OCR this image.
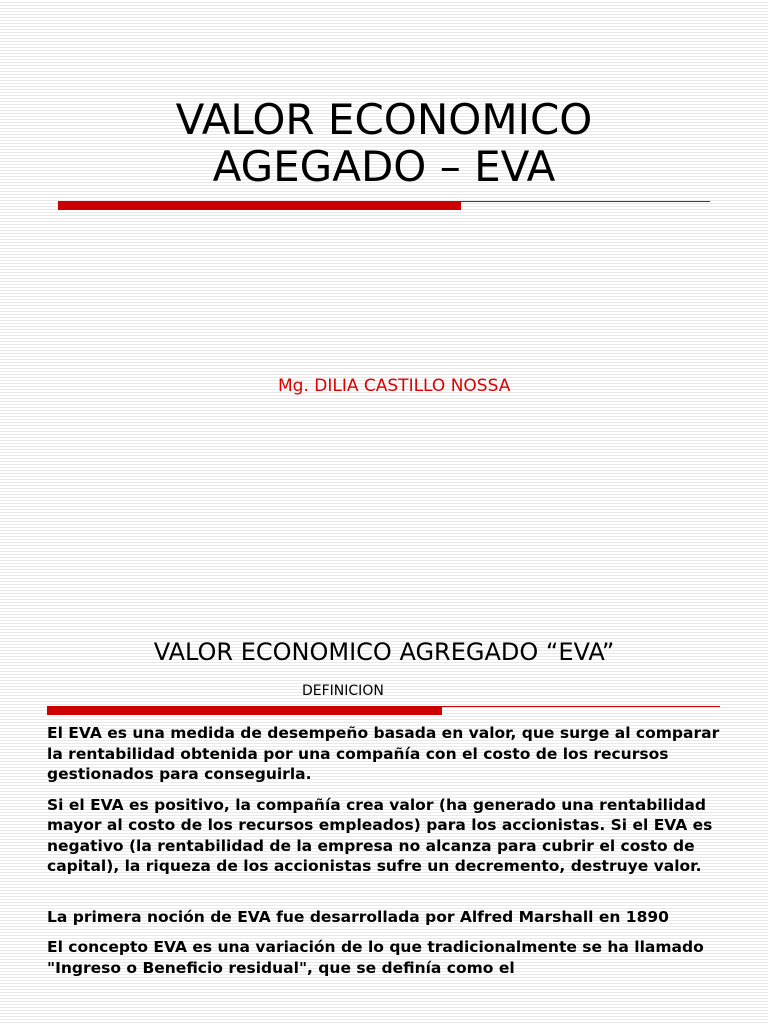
VALOR ECONOMICO
AGEGADO – EVA

Mg. DILIA CASTILLO NOSSA

VALOR ECONOMICO AGREGADO “EVA”

DEFINICION

El EVA es una medida de desempeño basada en valor, que surge al comparar la rentabilidad obtenida por una compañía con el costo de los recursos gestionados para conseguirla.

Si el EVA es positivo, la compañía crea valor (ha generado una rentabilidad mayor al costo de los recursos empleados) para los accionistas. Si el EVA es negativo (la rentabilidad de la empresa no alcanza para cubrir el costo de capital), la riqueza de los accionistas sufre un decremento, destruye valor.

La primera noción de EVA fue desarrollada por Alfred Marshall en 1890

El concepto EVA es una variación de lo que tradicionalmente se ha llamado "Ingreso o Beneficio residual", que se definía como el
